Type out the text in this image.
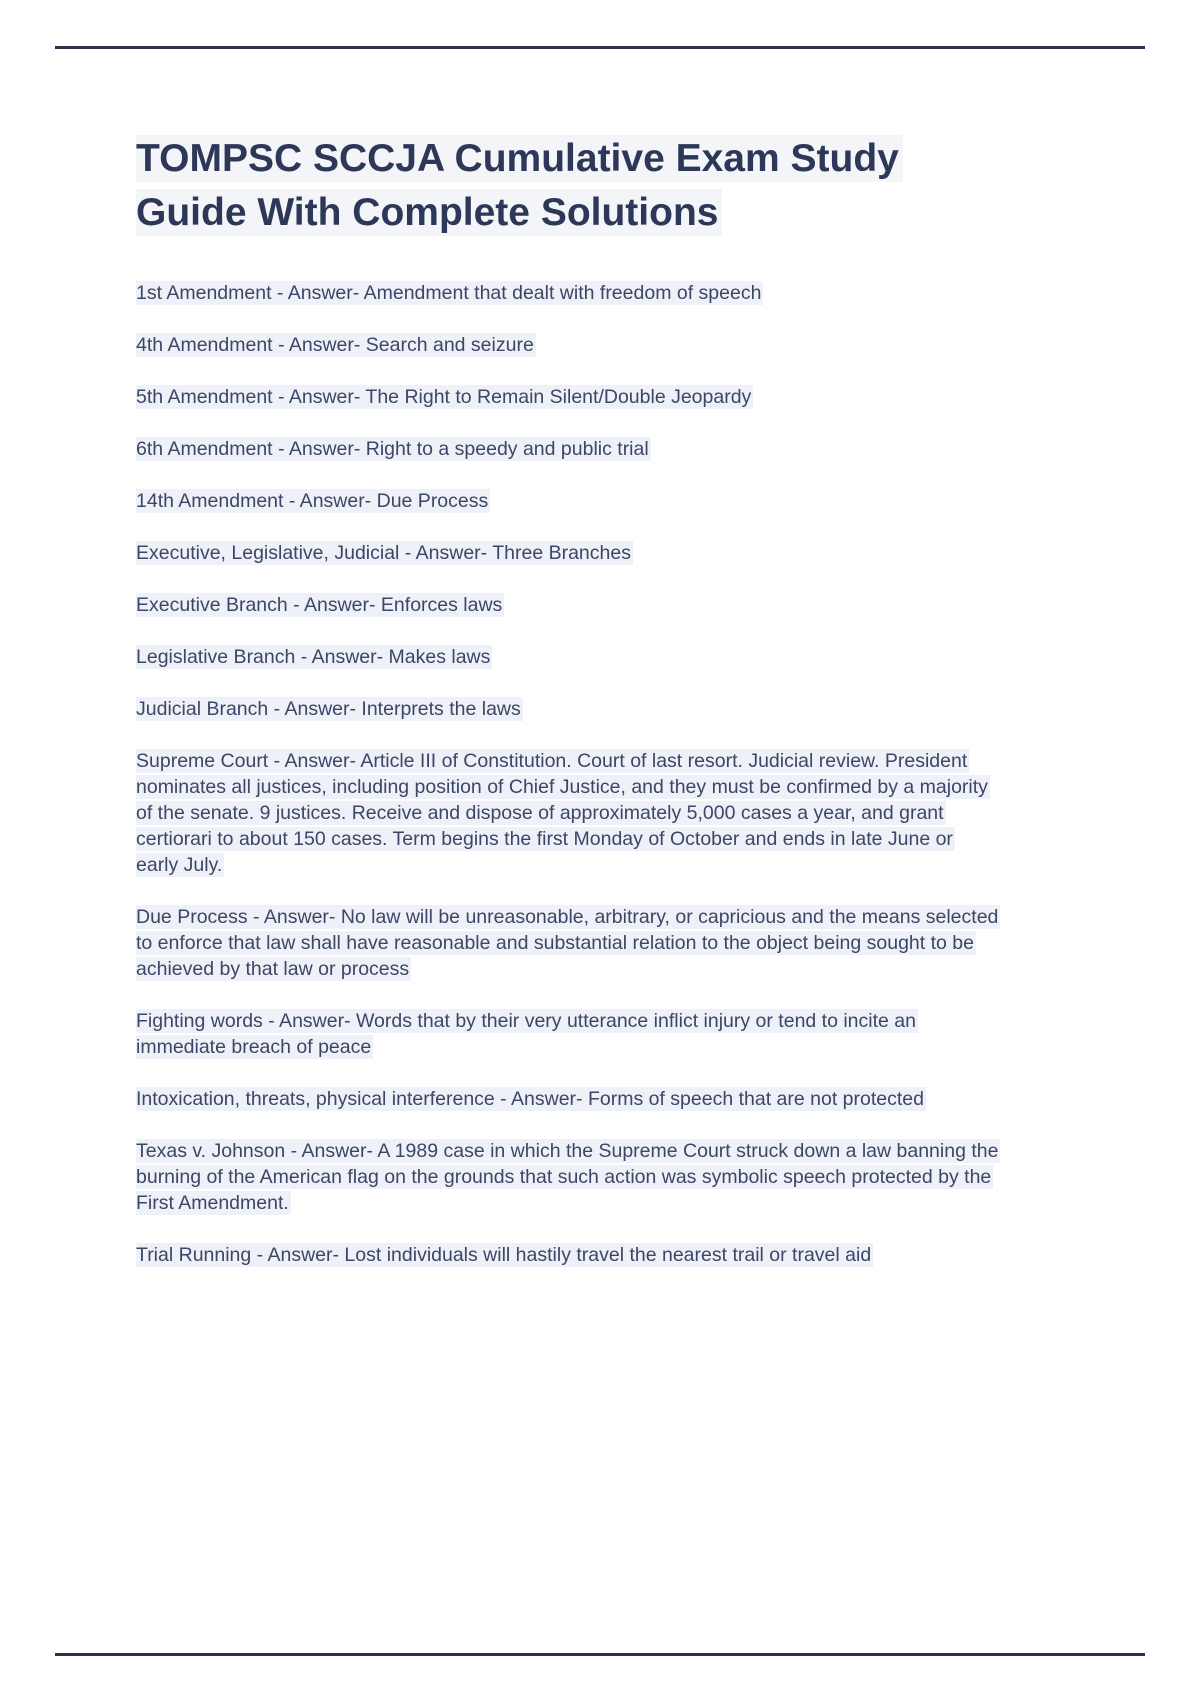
TOMPSC SCCJA Cumulative Exam Study Guide With Complete Solutions

1st Amendment - Answer- Amendment that dealt with freedom of speech

4th Amendment - Answer- Search and seizure

5th Amendment - Answer- The Right to Remain Silent/Double Jeopardy

6th Amendment - Answer- Right to a speedy and public trial

14th Amendment - Answer- Due Process

Executive, Legislative, Judicial - Answer- Three Branches

Executive Branch - Answer- Enforces laws

Legislative Branch - Answer- Makes laws

Judicial Branch - Answer- Interprets the laws

Supreme Court - Answer- Article III of Constitution. Court of last resort. Judicial review. President nominates all justices, including position of Chief Justice, and they must be confirmed by a majority of the senate. 9 justices. Receive and dispose of approximately 5,000 cases a year, and grant certiorari to about 150 cases. Term begins the first Monday of October and ends in late June or early July.

Due Process - Answer- No law will be unreasonable, arbitrary, or capricious and the means selected to enforce that law shall have reasonable and substantial relation to the object being sought to be achieved by that law or process

Fighting words - Answer- Words that by their very utterance inflict injury or tend to incite an immediate breach of peace

Intoxication, threats, physical interference - Answer- Forms of speech that are not protected

Texas v. Johnson - Answer- A 1989 case in which the Supreme Court struck down a law banning the burning of the American flag on the grounds that such action was symbolic speech protected by the First Amendment.

Trial Running - Answer- Lost individuals will hastily travel the nearest trail or travel aid
